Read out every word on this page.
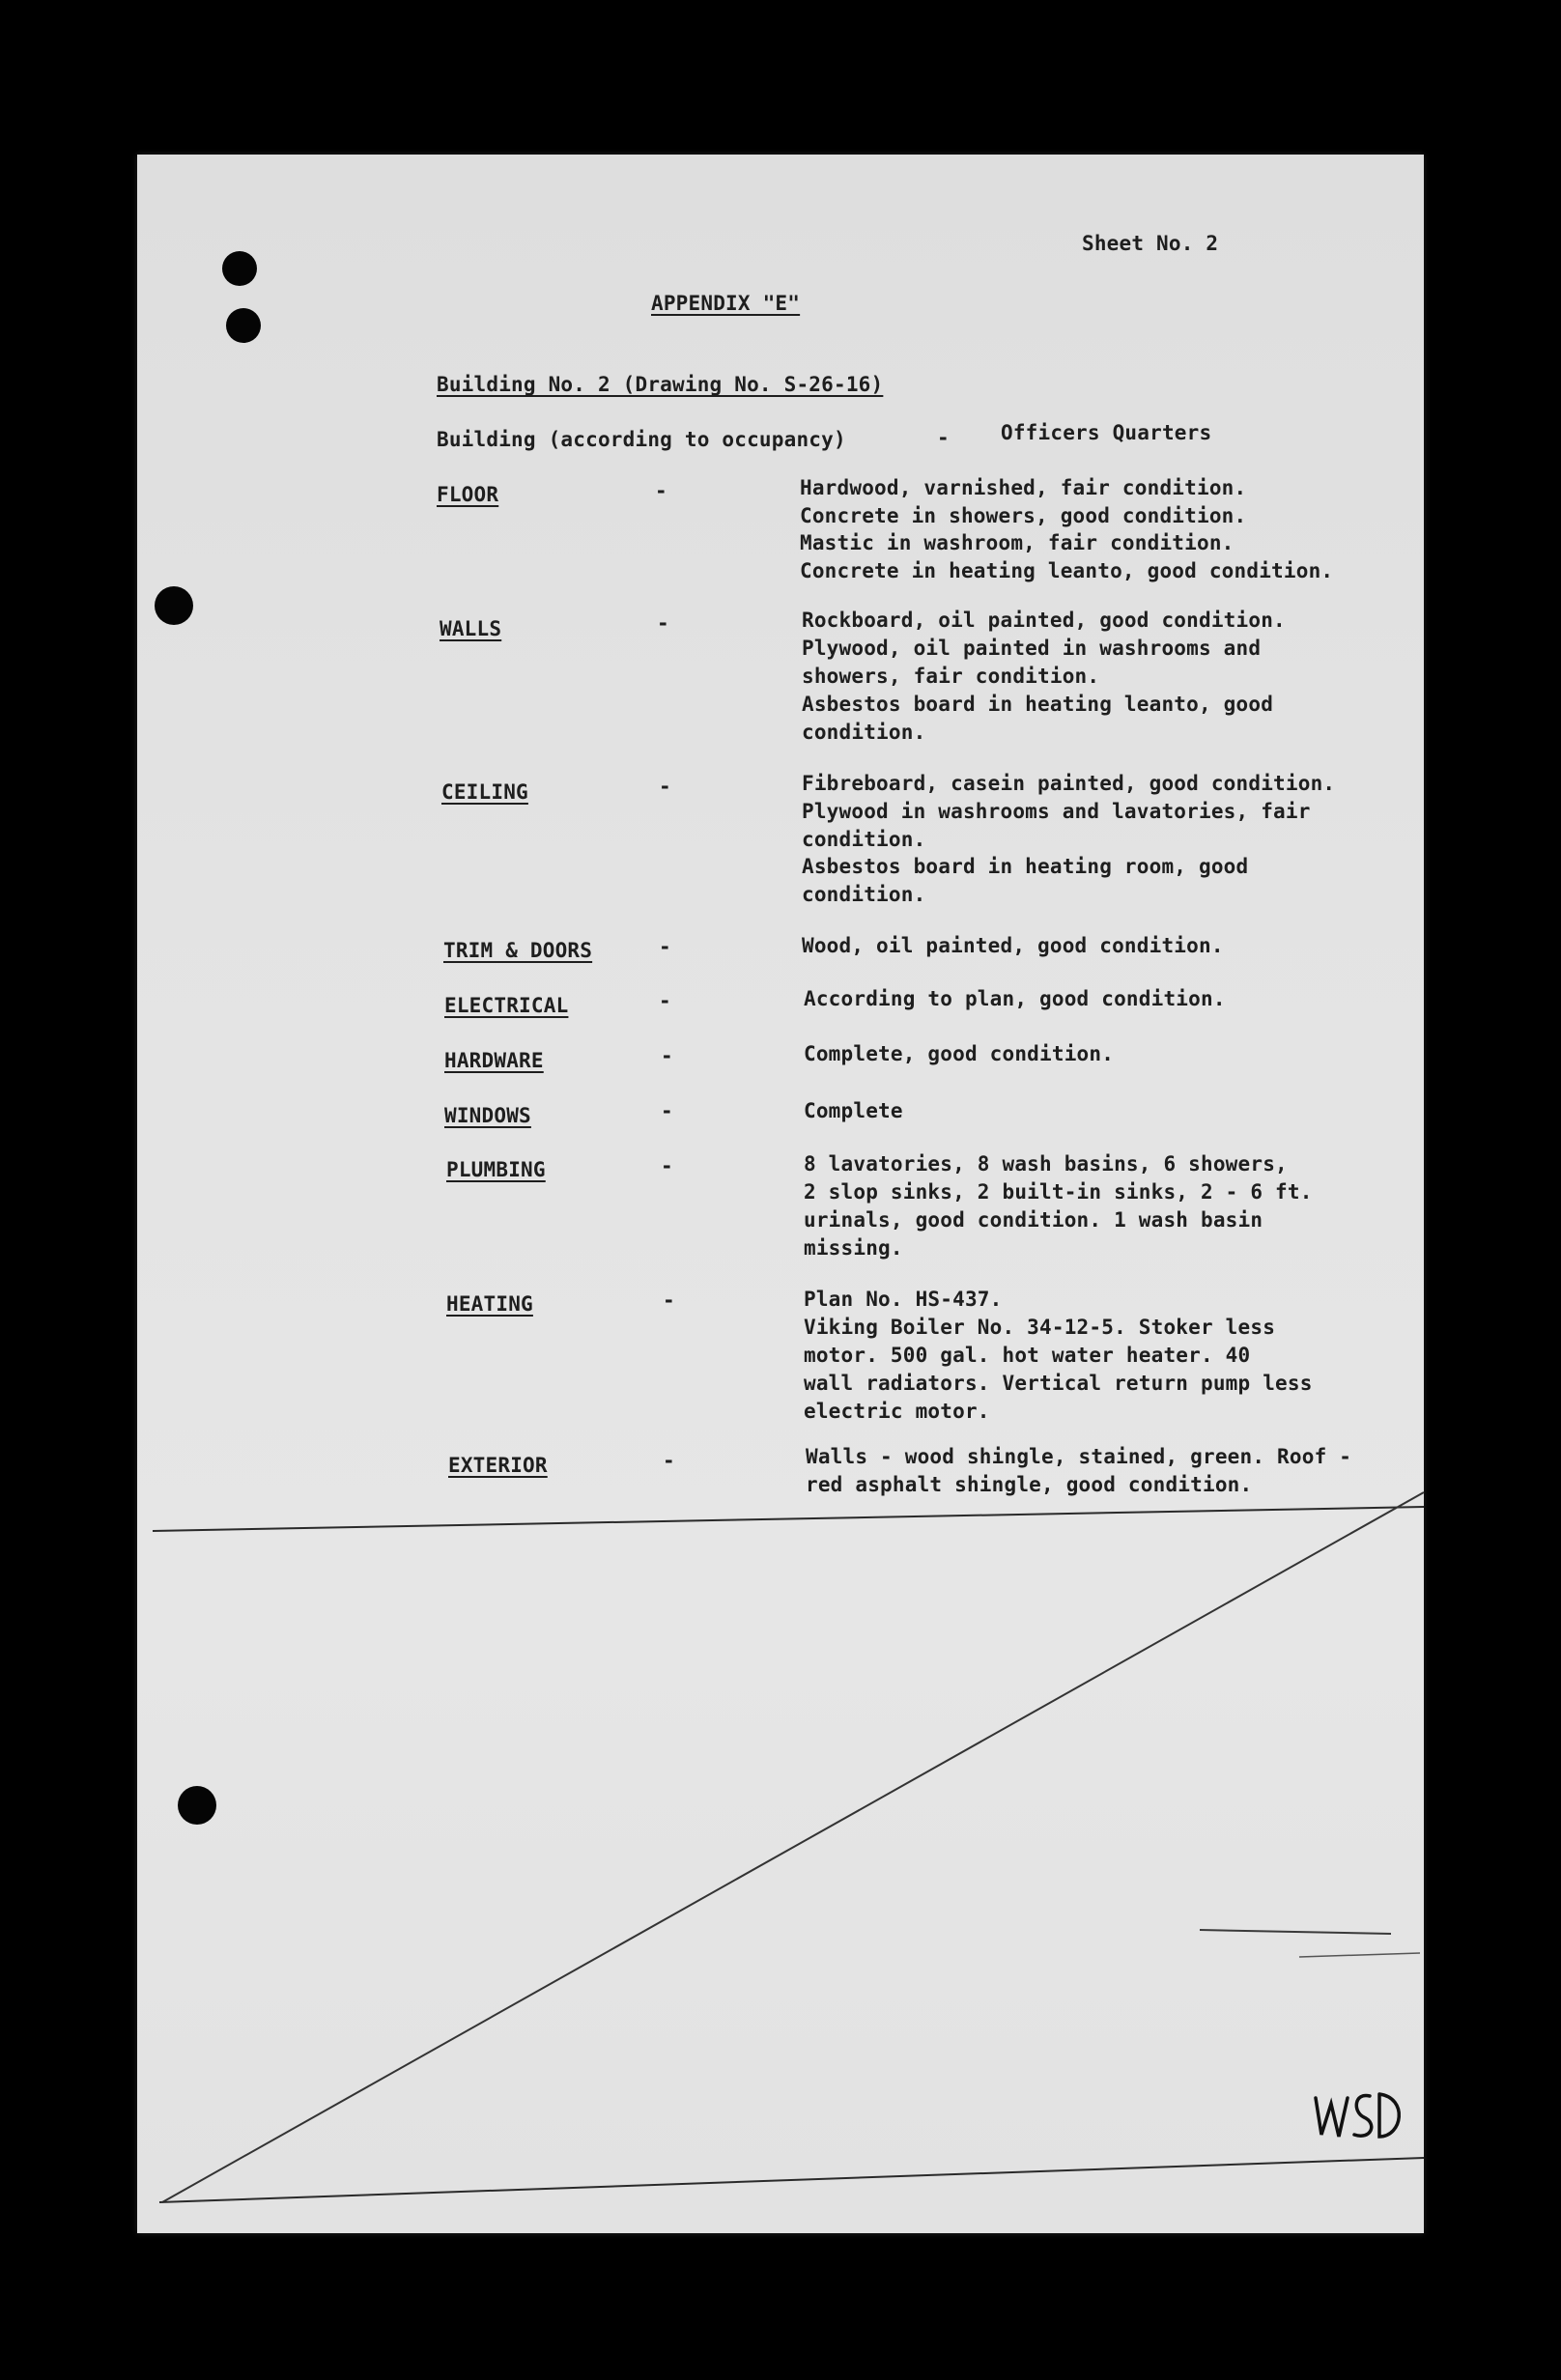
Sheet No. 2
APPENDIX "E"
Building No. 2 (Drawing No. S-26-16)
Building (according to occupancy)	-	Officers Quarters
FLOOR	-	Hardwood, varnished, fair condition.
Concrete in showers, good condition.
Mastic in washroom, fair condition.
Concrete in heating leanto, good condition.
WALLS	-	Rockboard, oil painted, good condition.
Plywood, oil painted in washrooms and
showers, fair condition.
Asbestos board in heating leanto, good
condition.
CEILING	-	Fibreboard, casein painted, good condition.
Plywood in washrooms and lavatories, fair
condition.
Asbestos board in heating room, good
condition.
TRIM & DOORS	-	Wood, oil painted, good condition.
ELECTRICAL	-	According to plan, good condition.
HARDWARE	-	Complete, good condition.
WINDOWS	-	Complete
PLUMBING	-	8 lavatories, 8 wash basins, 6 showers,
2 slop sinks, 2 built-in sinks, 2 - 6 ft.
urinals, good condition. 1 wash basin
missing.
HEATING	-	Plan No. HS-437.
Viking Boiler No. 34-12-5. Stoker less
motor. 500 gal. hot water heater. 40
wall radiators. Vertical return pump less
electric motor.
EXTERIOR	-	Walls - wood shingle, stained, green. Roof -
red asphalt shingle, good condition.
